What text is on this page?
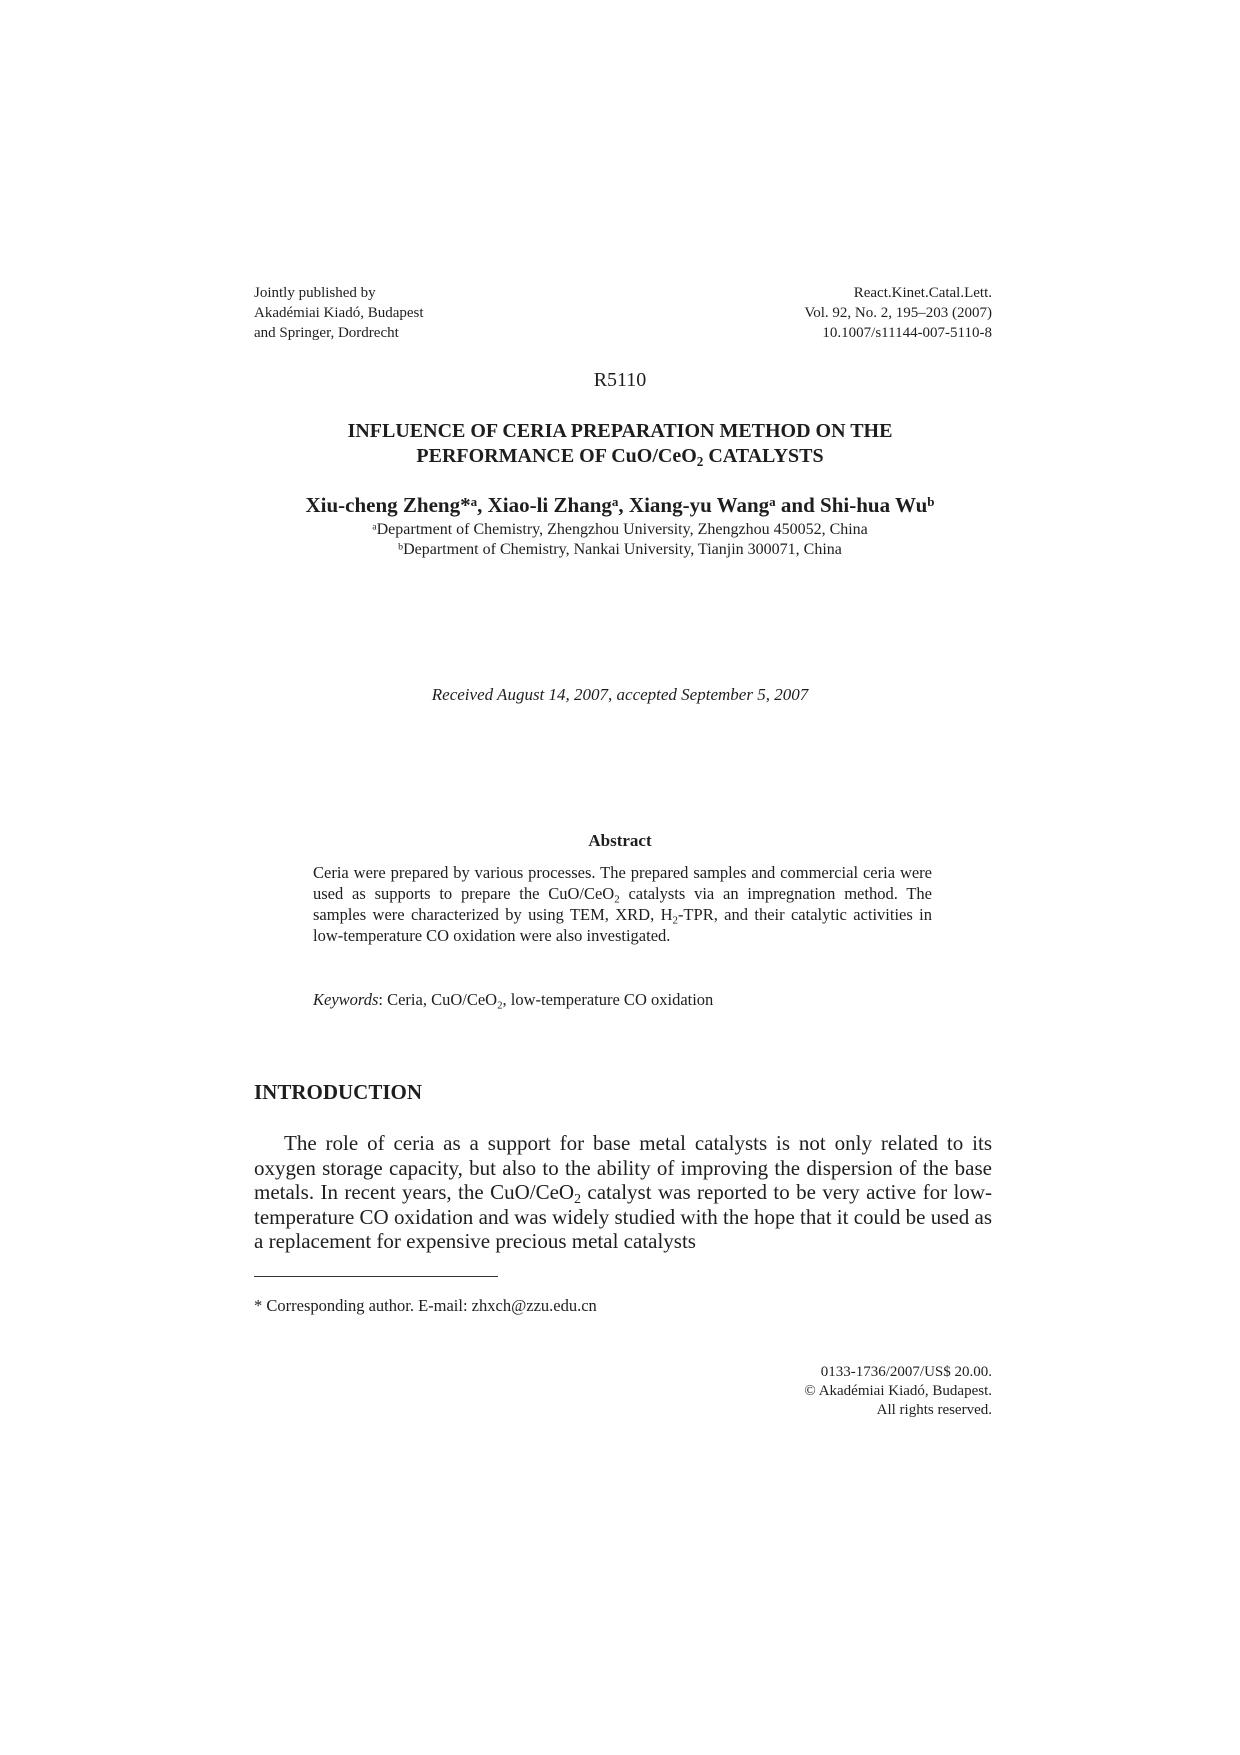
Jointly published by
Akadémiai Kiadó, Budapest
and Springer, Dordrecht
React.Kinet.Catal.Lett.
Vol. 92, No. 2, 195–203 (2007)
10.1007/s11144-007-5110-8
R5110
INFLUENCE OF CERIA PREPARATION METHOD ON THE
PERFORMANCE OF CuO/CeO$_2$ CATALYSTS
Xiu-cheng Zheng*$^a$, Xiao-li Zhang$^a$, Xiang-yu Wang$^a$ and Shi-hua Wu$^b$
$^a$Department of Chemistry, Zhengzhou University, Zhengzhou 450052, China
$^b$Department of Chemistry, Nankai University, Tianjin 300071, China
Received August 14, 2007, accepted September 5, 2007
Abstract
Ceria were prepared by various processes. The prepared samples and commercial ceria were used as supports to prepare the CuO/CeO$_2$ catalysts via an impregnation method. The samples were characterized by using TEM, XRD, $H_2$-TPR, and their catalytic activities in low-temperature CO oxidation were also investigated.
Keywords: Ceria, CuO/CeO$_2$, low-temperature CO oxidation
INTRODUCTION
The role of ceria as a support for base metal catalysts is not only related to its oxygen storage capacity, but also to the ability of improving the dispersion of the base metals. In recent years, the CuO/CeO$_2$ catalyst was reported to be very active for low-temperature CO oxidation and was widely studied with the hope that it could be used as a replacement for expensive precious metal catalysts
* Corresponding author. E-mail: zhxch@zzu.edu.cn
0133-1736/2007/US$ 20.00.
© Akadémiai Kiadó, Budapest.
All rights reserved.
